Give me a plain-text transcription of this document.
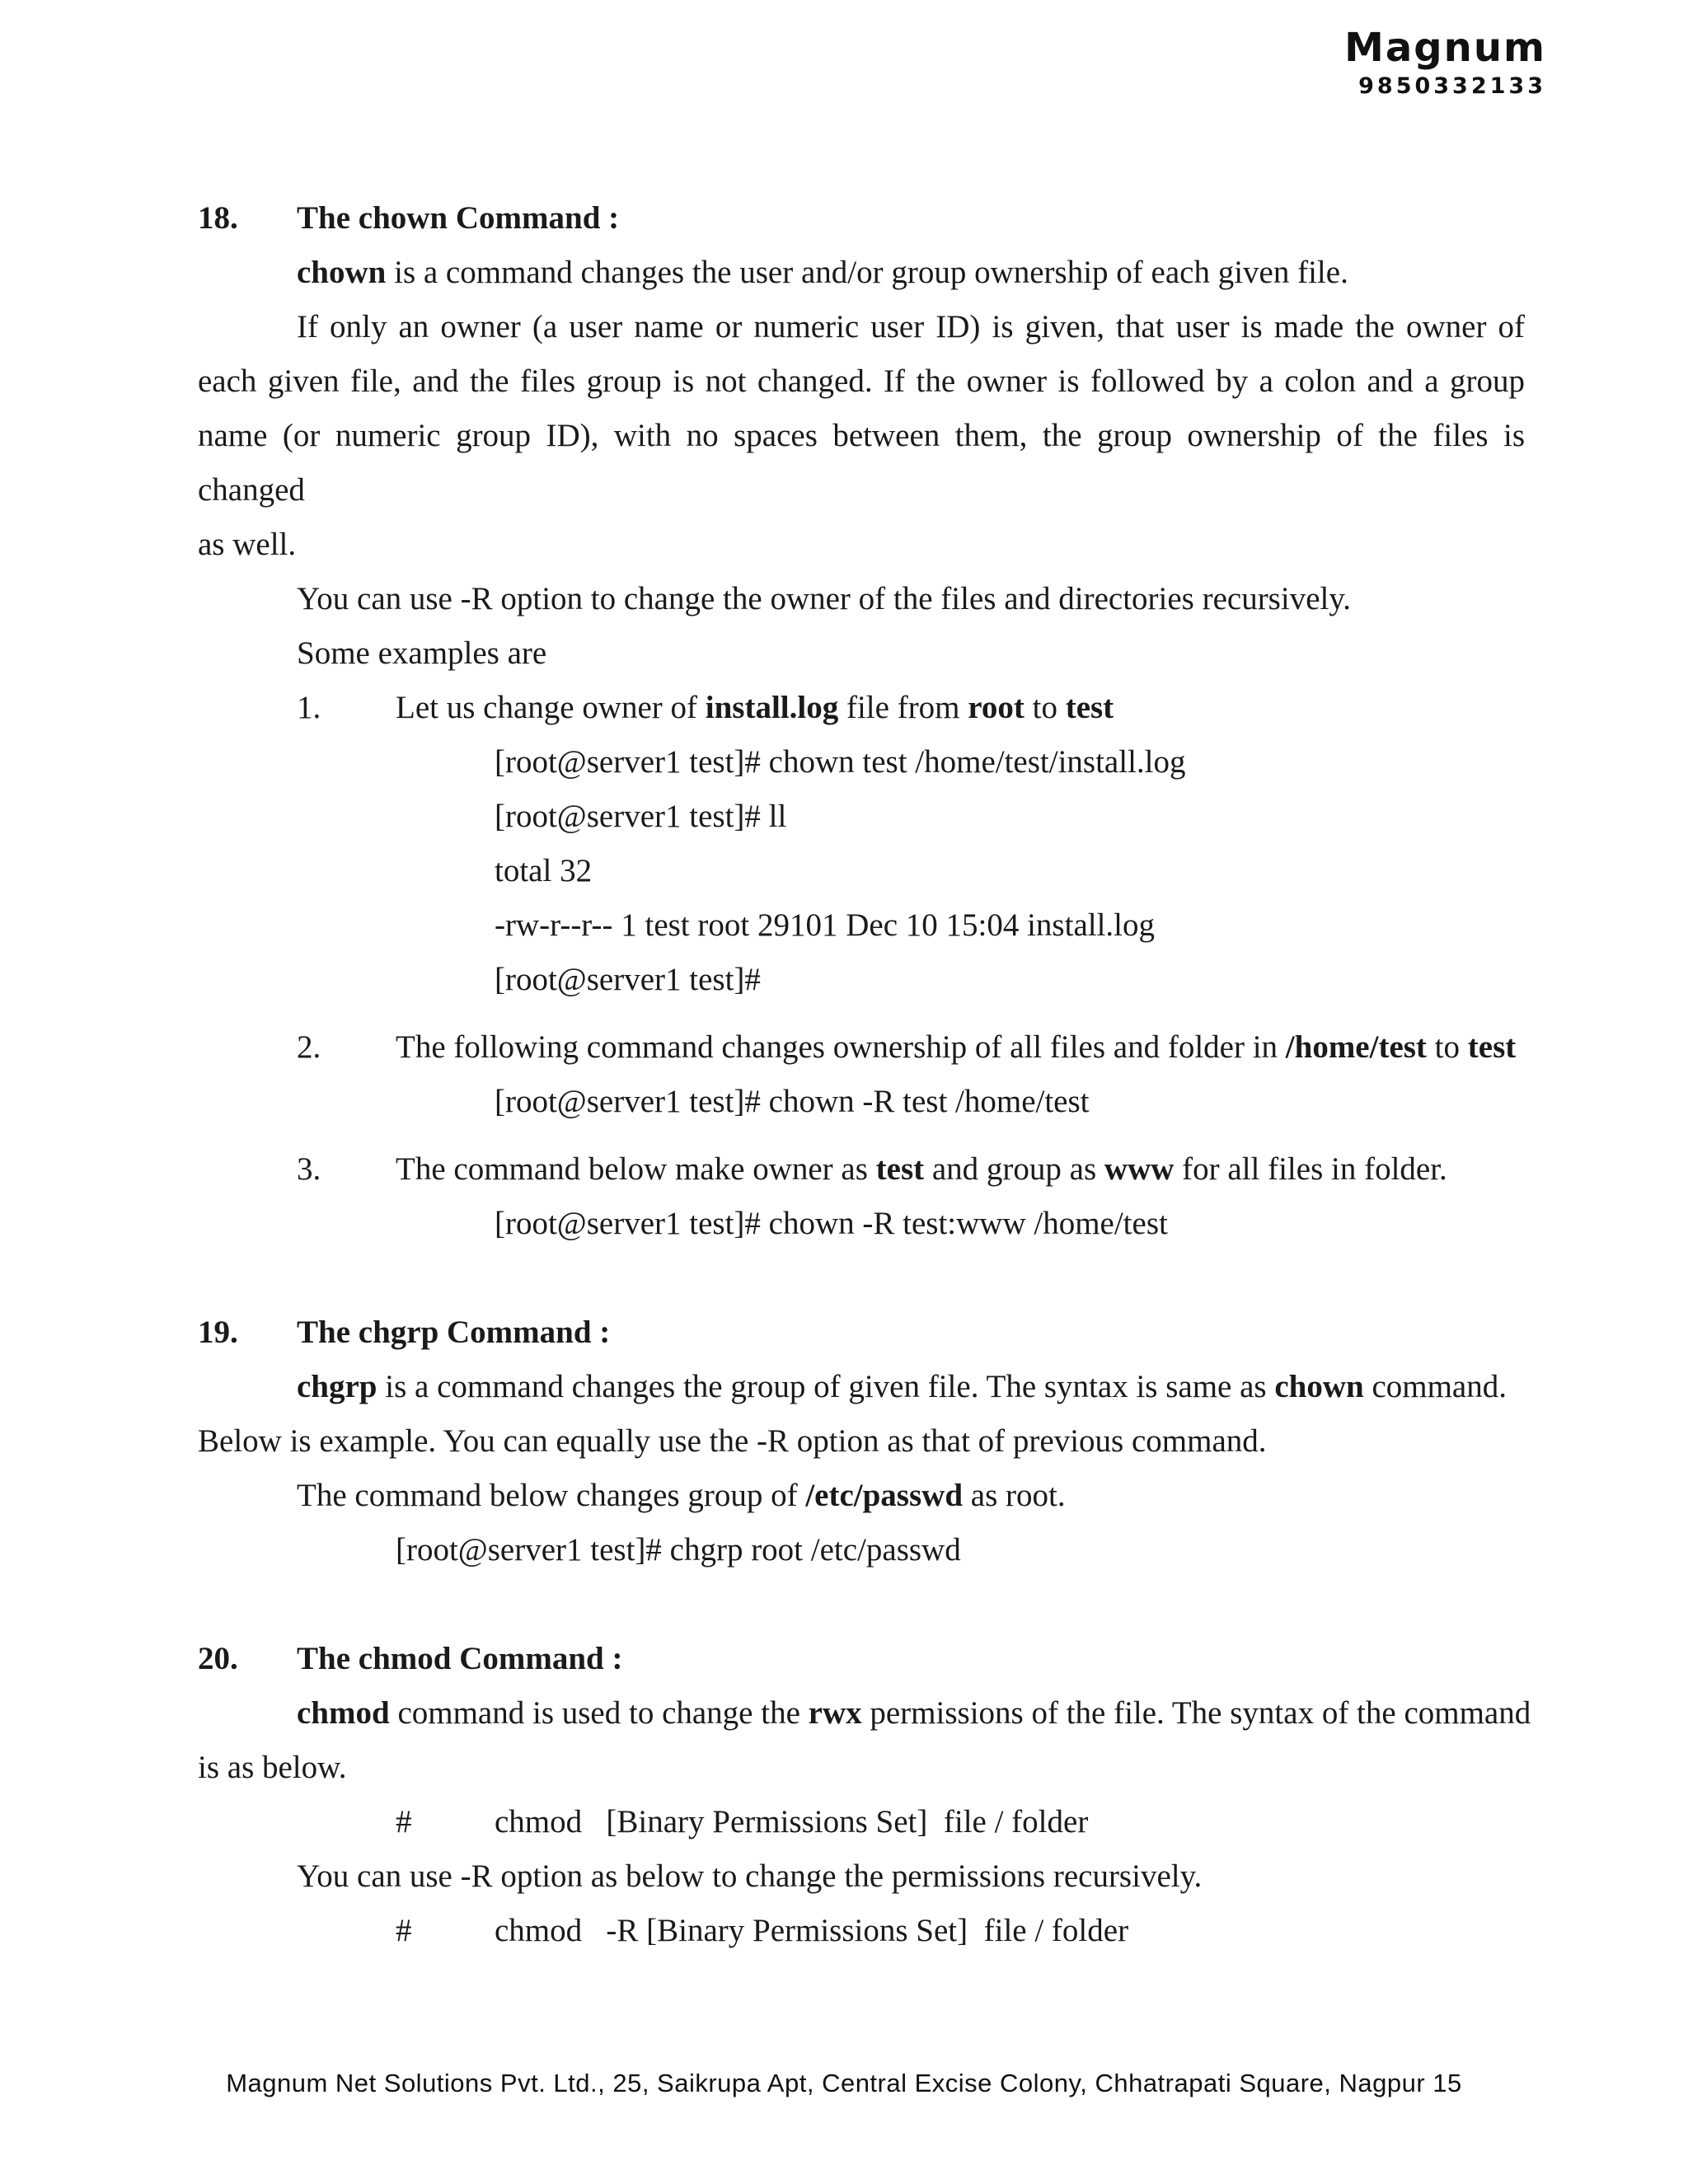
Magnum
9850332133
18.	The chown Command :
chown is a command changes the user and/or group ownership of each given file.
If only an owner (a user name or numeric user ID) is given, that user is made the owner of
each given file, and the files group is not changed. If the owner is followed by a colon and a group
name (or numeric group ID), with no spaces between them, the group ownership of the files is changed
as well.
You can use -R option to change the owner of the files and directories recursively.
Some examples are
1.	Let us change owner of install.log file from root to test
[root@server1 test]# chown test /home/test/install.log
[root@server1 test]# ll
total 32
-rw-r--r-- 1 test root 29101 Dec 10 15:04 install.log
[root@server1 test]#
2.	The following command changes ownership of all files and folder in /home/test to test
[root@server1 test]# chown -R test /home/test
3.	The command below make owner as test and group as www for all files in folder.
[root@server1 test]# chown -R test:www /home/test
19.	The chgrp Command :
chgrp is a command changes the group of given file. The syntax is same as chown command.
Below is example. You can equally use the -R option as that of previous command.
The command below changes group of /etc/passwd as root.
[root@server1 test]# chgrp root /etc/passwd
20.	The chmod Command :
chmod command is used to change the rwx permissions of the file. The syntax of the command
is as below.
#	chmod   [Binary Permissions Set]  file / folder
You can use -R option as below to change the permissions recursively.
#	chmod   -R [Binary Permissions Set]  file / folder
Magnum Net Solutions Pvt. Ltd., 25, Saikrupa Apt, Central Excise Colony, Chhatrapati Square, Nagpur 15
